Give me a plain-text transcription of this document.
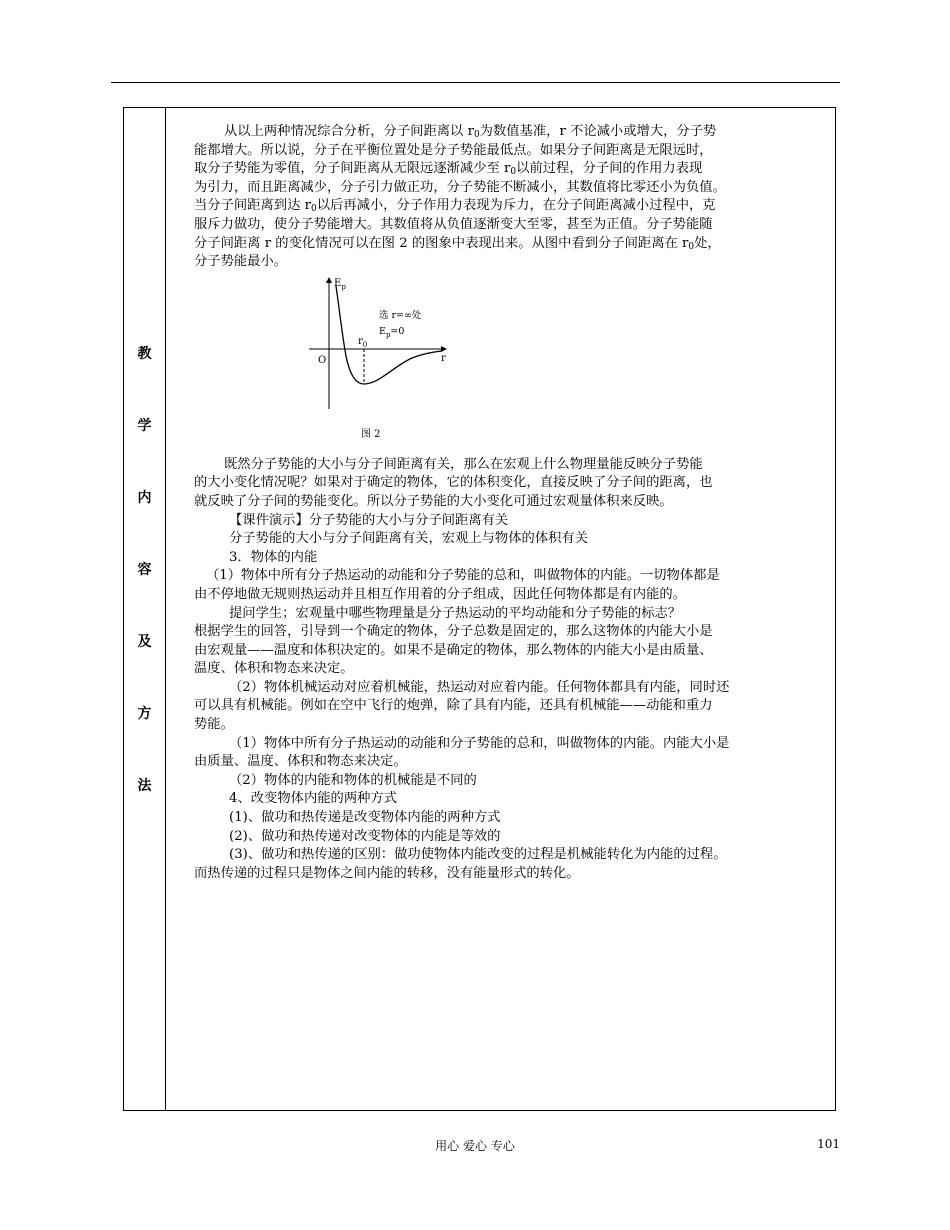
教
学
内
容
及
方
法

从以上两种情况综合分析，分子间距离以 $r_0$为数值基准，r 不论减小或增大，分子势

能都增大。所以说，分子在平衡位置处是分子势能最低点。如果分子间距离是无限远时，

取分子势能为零值，分子间距离从无限远逐渐减少至 $r_0$以前过程，分子间的作用力表现

为引力，而且距离减少，分子引力做正功，分子势能不断减小，其数值将比零还小为负值。

当分子间距离到达 $r_0$以后再减小，分子作用力表现为斥力，在分子间距离减小过程中，克

服斥力做功，使分子势能增大。其数值将从负值逐渐变大至零，甚至为正值。分子势能随

分子间距离 r 的变化情况可以在图 2 的图象中表现出来。从图中看到分子间距离在 $r_0$处，

分子势能最小。

$E_p$
r
O
$r_0$
选 r=∞处
$E_p=0$
图 2

既然分子势能的大小与分子间距离有关，那么在宏观上什么物理量能反映分子势能

的大小变化情况呢？如果对于确定的物体，它的体积变化，直接反映了分子间的距离，也

就反映了分子间的势能变化。所以分子势能的大小变化可通过宏观量体积来反映。

【课件演示】分子势能的大小与分子间距离有关

分子势能的大小与分子间距离有关，宏观上与物体的体积有关

3．物体的内能

（1）物体中所有分子热运动的动能和分子势能的总和，叫做物体的内能。一切物体都是

由不停地做无规则热运动并且相互作用着的分子组成，因此任何物体都是有内能的。

提问学生；宏观量中哪些物理量是分子热运动的平均动能和分子势能的标志？

根据学生的回答，引导到一个确定的物体，分子总数是固定的，那么这物体的内能大小是

由宏观量——温度和体积决定的。如果不是确定的物体，那么物体的内能大小是由质量、

温度、体积和物态来决定。

（2）物体机械运动对应着机械能，热运动对应着内能。任何物体都具有内能，同时还

可以具有机械能。例如在空中飞行的炮弹，除了具有内能，还具有机械能——动能和重力

势能。

（1）物体中所有分子热运动的动能和分子势能的总和，叫做物体的内能。内能大小是

由质量、温度、体积和物态来决定。

（2）物体的内能和物体的机械能是不同的

4、改变物体内能的两种方式

(1)、做功和热传递是改变物体内能的两种方式

(2)、做功和热传递对改变物体的内能是等效的

(3)、做功和热传递的区别：做功使物体内能改变的过程是机械能转化为内能的过程。

而热传递的过程只是物体之间内能的转移，没有能量形式的转化。

用心 爱心 专心	101
